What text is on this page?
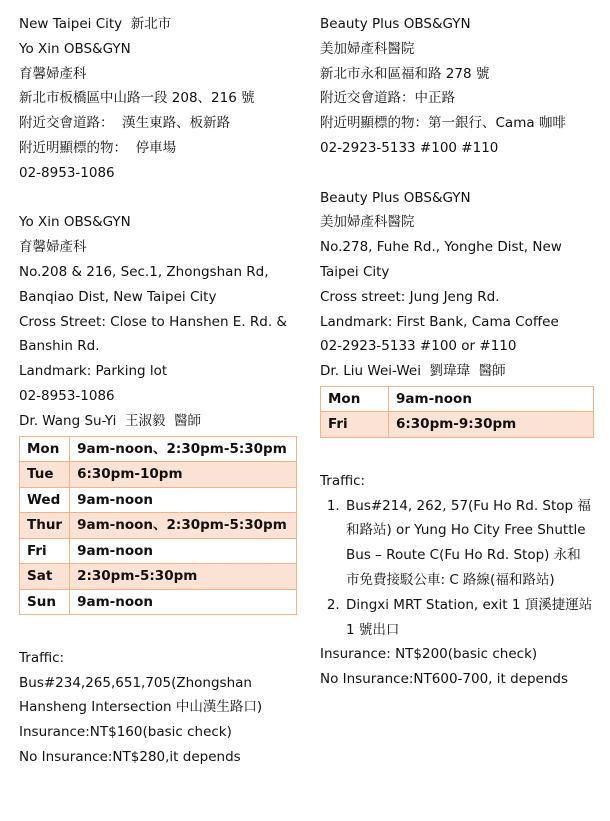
New Taipei City  新北市
Yo Xin OBS&GYN
育馨婦產科
新北市板橋區中山路一段 208、216 號
附近交會道路：  漢生東路、板新路
附近明顯標的物：  停車場
02-8953-1086
Yo Xin OBS&GYN
育馨婦產科
No.208 & 216, Sec.1, Zhongshan Rd, Banqiao Dist, New Taipei City
Cross Street: Close to Hanshen E. Rd. & Banshin Rd.
Landmark: Parking lot
02-8953-1086
Dr. Wang Su-Yi  王淑毅  醫師
Mon	9am-noon、2:30pm-5:30pm
Tue	6:30pm-10pm
Wed	9am-noon
Thur	9am-noon、2:30pm-5:30pm
Fri	9am-noon
Sat	2:30pm-5:30pm
Sun	9am-noon
Traffic:
Bus#234,265,651,705(Zhongshan Hansheng Intersection 中山漢生路口)
Insurance:NT$160(basic check)
No Insurance:NT$280,it depends
Beauty Plus OBS&GYN
美加婦產科醫院
新北市永和區福和路 278 號
附近交會道路：中正路
附近明顯標的物：第一銀行、Cama 咖啡
02-2923-5133 #100 #110
Beauty Plus OBS&GYN
美加婦產科醫院
No.278, Fuhe Rd., Yonghe Dist, New Taipei City
Cross street: Jung Jeng Rd.
Landmark: First Bank, Cama Coffee
02-2923-5133 #100 or #110
Dr. Liu Wei-Wei  劉瑋瑋  醫師
Mon	9am-noon
Fri	6:30pm-9:30pm
Traffic:
1. Bus#214, 262, 57(Fu Ho Rd. Stop 福和路站) or Yung Ho City Free Shuttle Bus – Route C(Fu Ho Rd. Stop) 永和市免費接駁公車: C 路線(福和路站)
2. Dingxi MRT Station, exit 1 頂溪捷運站 1 號出口
Insurance: NT$200(basic check)
No Insurance:NT600-700, it depends
